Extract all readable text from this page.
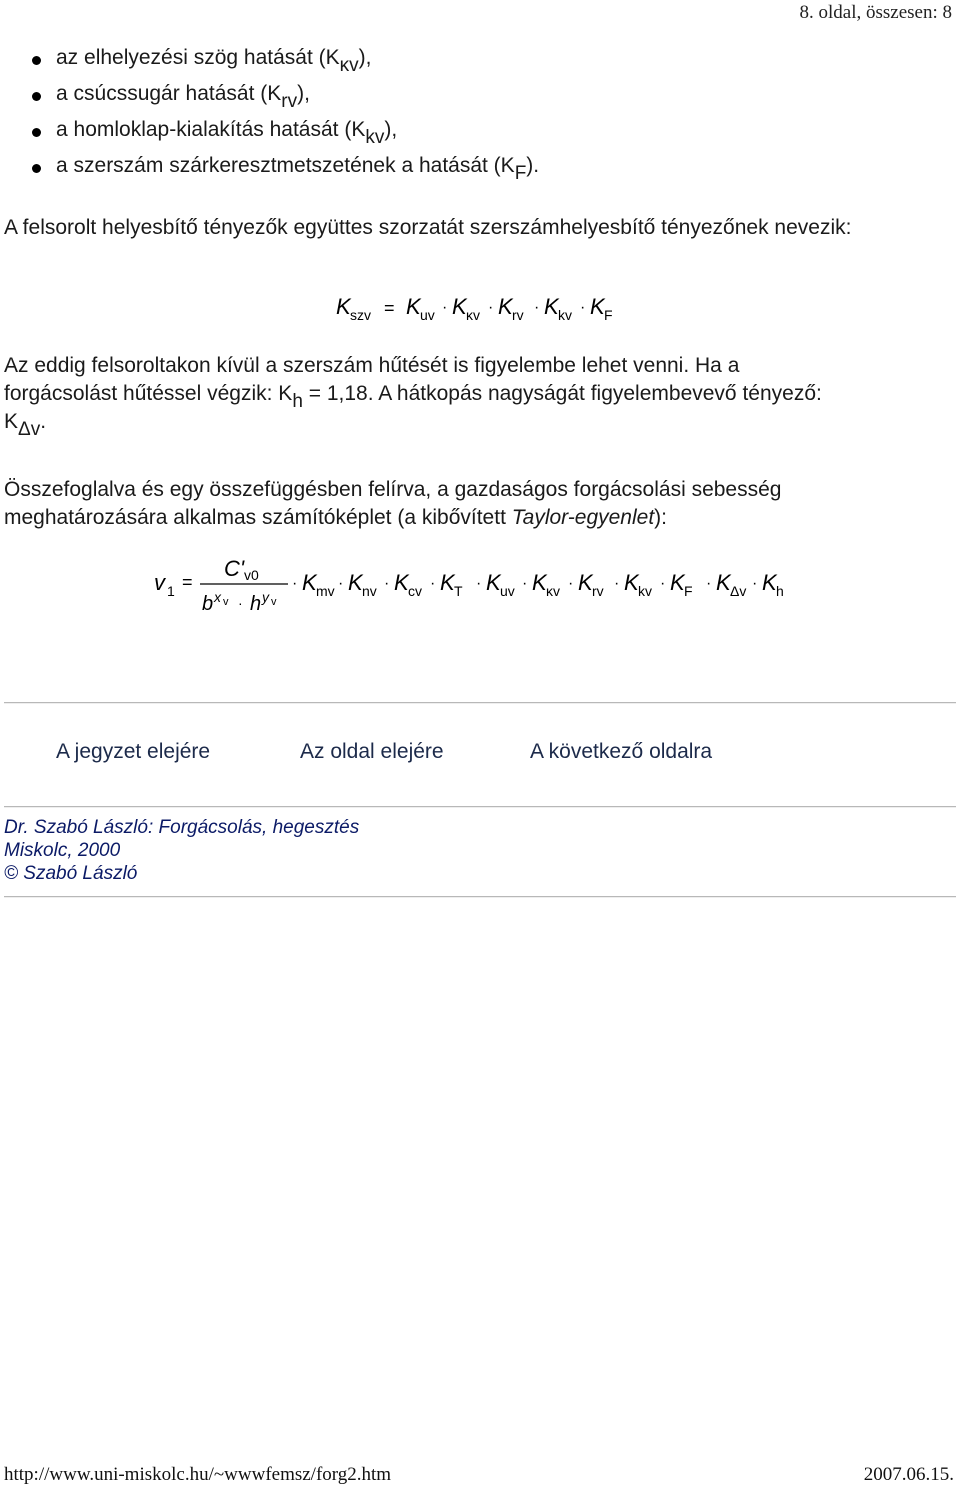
8. oldal, összesen: 8
az elhelyezési szög hatását $(K_{\kappa v})$,
a csúcssugár hatását $(K_{rv})$,
a homloklap-kialakítás hatását $(K_{kv})$,
a szerszám szárkeresztmetszetének a hatását $(K_F)$.

A felsorolt helyesbítő tényezők együttes szorzatát szerszámhelyesbítő tényezőnek nevezik:

K szv = K uv · K κv · K rv · K kv · K F
Az eddig felsoroltakon kívül a szerszám hűtését is figyelembe lehet venni. Ha a
forgácsolást hűtéssel végzik: $K_h = 1,18$. A hátkopás nagyságát figyelembevevő tényező:
$K_{\Delta v}$.
Összefoglalva és egy összefüggésben felírva, a gazdaságos forgácsolási sebesség
meghatározására alkalmas számítóképlet (a kibővített Taylor-egyenlet):
v 1 =
C' v0
b x v · h y v
· K mv · K nv · K cv · K T · K uv · K κv · K rv · K kv · K F · K Δv · K h
A jegyzet elejére	Az oldal elejére	A következő oldalra
Dr. Szabó László: Forgácsolás, hegesztés
Miskolc, 2000
© Szabó László
http://www.uni-miskolc.hu/~wwwfemsz/forg2.htm	2007.06.15.
